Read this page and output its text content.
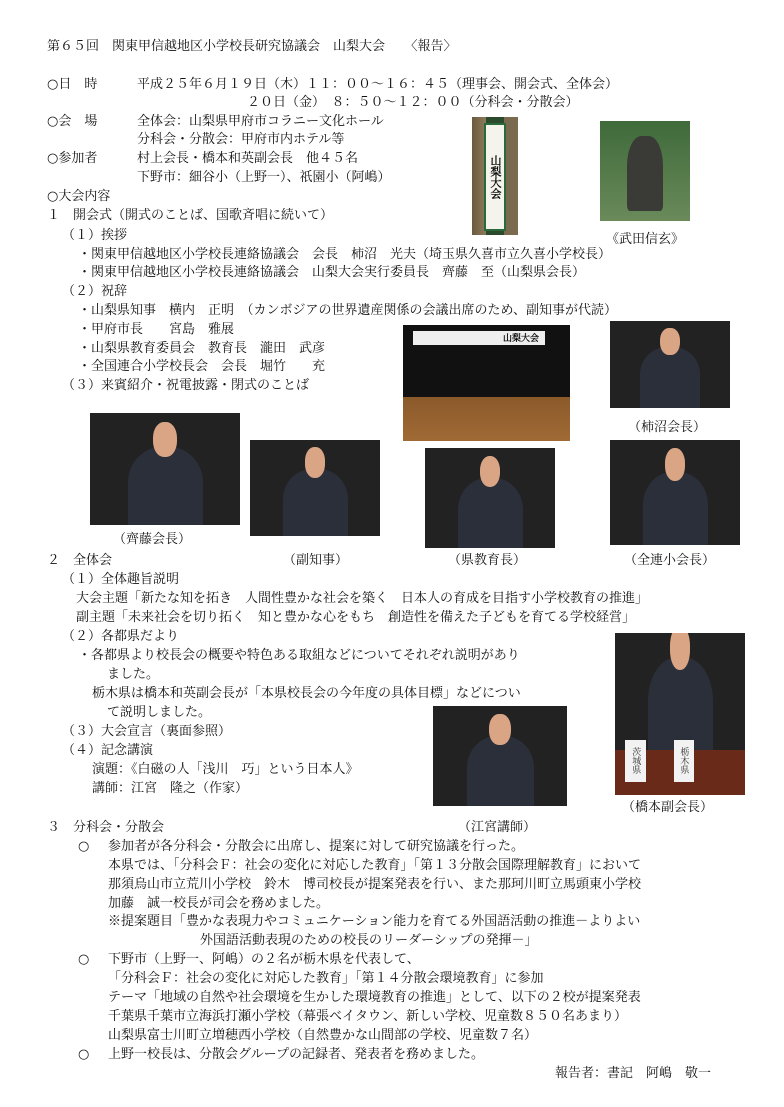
第６５回　関東甲信越地区小学校長研究協議会　山梨大会　　〈報告〉
○日　時	平成２５年６月１９日（木）１１：００～１６：４５（理事会、開会式、全体会）
２０日（金）　８：５０～１２：００（分科会・分散会）
○会　場	全体会：山梨県甲府市コラニー文化ホール
分科会・分散会：甲府市内ホテル等
○参加者	村上会長・橋本和英副会長　他４５名
下野市：細谷小（上野一）、祇園小（阿嶋）
○大会内容
１　開会式（開式のことば、国歌斉唱に続いて）
（１）挨拶
・関東甲信越地区小学校長連絡協議会　会長　柿沼　光夫（埼玉県久喜市立久喜小学校長）
・関東甲信越地区小学校長連絡協議会　山梨大会実行委員長　齊藤　至（山梨県会長）
（２）祝辞
・山梨県知事　横内　正明　（カンボジアの世界遺産関係の会議出席のため、副知事が代読）
・甲府市長　　宮島　雅展
・山梨県教育委員会　教育長　瀧田　武彦
・全国連合小学校長会　会長　堀竹　　充
（３）来賓紹介・祝電披露・閉式のことば
山梨大会
《武田信玄》
山梨大会
（柿沼会長）
（齊藤会長）
（副知事）	（県教育長）	（全連小会長）
２　全体会
（１）全体趣旨説明
大会主題「新たな知を拓き　人間性豊かな社会を築く　日本人の育成を目指す小学校教育の推進」
副主題「未来社会を切り拓く　知と豊かな心をもち　創造性を備えた子どもを育てる学校経営」
（２）各都県だより
・各都県より校長会の概要や特色ある取組などについてそれぞれ説明があり
ました。
栃木県は橋本和英副会長が「本県校長会の今年度の具体目標」などについ
て説明しました。
（３）大会宣言（裏面参照）
（４）記念講演
演題：《白磁の人「浅川　巧」という日本人》
講師：江宮　隆之（作家）
茨城県	栃木県
（橋本副会長）
（江宮講師）
３　分科会・分散会
○ 参加者が各分科会・分散会に出席し、提案に対して研究協議を行った。
本県では、「分科会Ｆ：社会の変化に対応した教育」「第１３分散会国際理解教育」において
那須烏山市立荒川小学校　鈴木　博司校長が提案発表を行い、また那珂川町立馬頭東小学校
加藤　誠一校長が司会を務めました。
※提案題目「豊かな表現力やコミュニケーション能力を育てる外国語活動の推進－よりよい
外国語活動表現のための校長のリーダーシップの発揮－」
○ 下野市（上野一、阿嶋）の２名が栃木県を代表して、
「分科会Ｆ：社会の変化に対応した教育」「第１４分散会環境教育」に参加
テーマ「地域の自然や社会環境を生かした環境教育の推進」として、以下の２校が提案発表
千葉県千葉市立海浜打瀬小学校（幕張ベイタウン、新しい学校、児童数８５０名あまり）
山梨県富士川町立増穂西小学校（自然豊かな山間部の学校、児童数７名）
○ 上野一校長は、分散会グループの記録者、発表者を務めました。
報告者：書記　阿嶋　敬一
